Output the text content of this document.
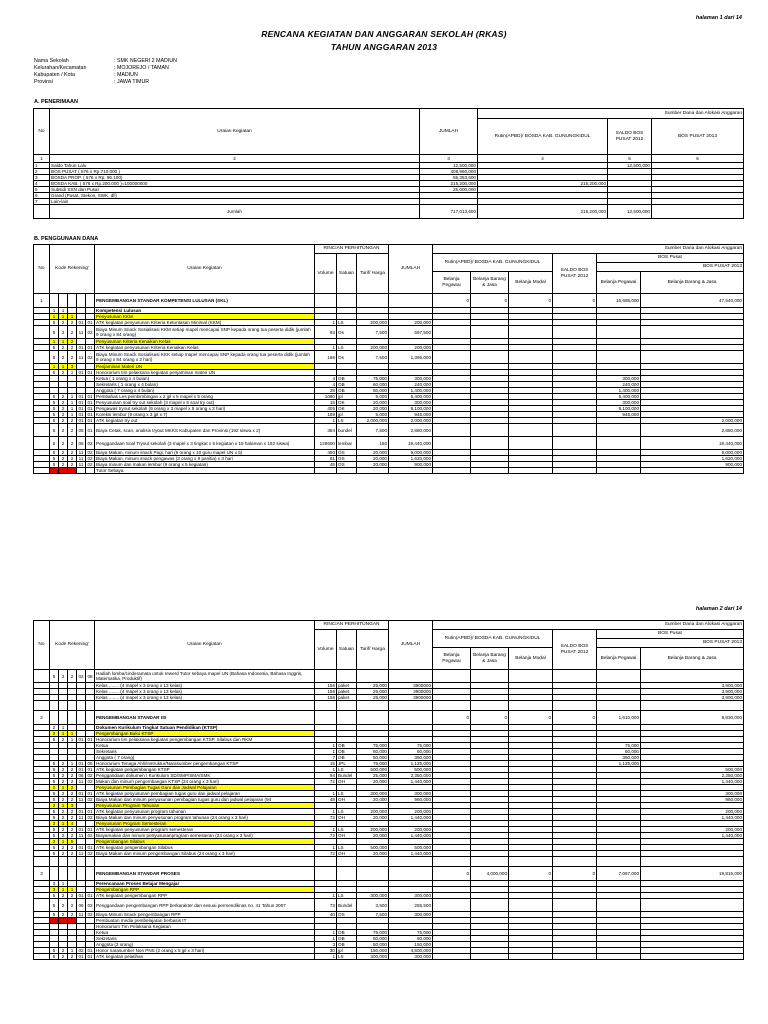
halaman 1 dari 14
RENCANA KEGIATAN DAN ANGGARAN SEKOLAH (RKAS)
TAHUN ANGGARAN 2013
Nama Sekolah	: SMK NEGERI 2 MADIUN
Kelurahan/Kecamatan	: MOJOREJO / TAMAN
Kabupaten / Kota	: MADIUN
Provinsi	: JAWA TIMUR
A. PENERIMAAN
No	Uraian Kegiatan	JUMLAH	Sumber Dana dan Alokasi Anggaran		
			Rutin(APBD)/ BOSDA KAB. GUNUNGKIDUL	SALDO BOS PUSAT 2012	BOS PUSAT 2013
1	2	3	4	5	6
1	Saldo Tahun Lalu	12,500,000		12,500,000	
2	BOS PUSAT ( 576 x Rp.710.000 )	408,960,000			
3	BOSDA PROP. ( 576 x Rp. 96.100)	55,353,600			
4	BOSDA KAB. ( 576 x Rp.200.000 )=100000000	215,200,000	215,200,000		
5	Subsidi SSN dari Pusat	25,000,000			
6	Grand (Pusat, Stekon, SWK, dll)				
7	Lain-lain				
	Jumlah	717,013,600	215,200,000	12,500,000	
B. PENGGUNAAN DANA
No	Kode Rekening'					Uraian Kegiatan	RINCIAN PERHITUNGAN			JUMLAH	Sumber Dana dan Alokasi Anggaran					
							Volume	Satuan	Tarif/ Harga		Rutin(APBD)/ BOSDA KAB. GUNUNGKIDUL			SALDO BOS PUSAT 2012	BOS Pusat	
															BOS PUSAT 2013	
											Belanja Pegawai	Belanja Barang & Jasa	Belanja Modal		Belanja Pegawai	Belanja Barang & Jasa
1						PENGEMBANGAN STANDAR KOMPETENSI LULUSAN (SKL)					0	0	0	0	16,685,000	47,540,000
	1	1				Kompetensi Lulusan										
	1	1	1			Penyusunan KKM										
	5	2	2	01	01	ATK kegiatan penyusunan Kriteria Ketuntasan Minimal (KKM)	1	LS	200,000	200,000						
	5	2	2	11	02	Biaya Minum Snack Sosialisasi KKM setiap mapel mencapai SNP kepada orang tua peserta didik (jumlah 9 orang x 84 orang)	93	Os	7,500	697,500						
	1	1	2			Penyusunan Kriteria Kenaikan Kelas										
	5	2	2	01	01	ATK kegiatan penyusunan Kriteria Kenaikan Kelas	1	LS	200,000	200,000						
	5	2	2	11	02	Biaya Minum Snack Sosialisasi KKK setiap mapel mencapai SNP kepada orang tua peserta didik (jumlah 9 orang x 84 orang x 2 hari)	186	Os	7,500	1,395,000						
	1	1	3			Penjaminan Materi UN										
	5	2	1	01	01	Honorarium tim pelaksana kegiatan penjaminan materi UN										
						Ketua ( 1 orang x 4 bulan)	4	OB	75,000	300,000					300,000	
						Sekretaris ( 1 orang x 4 bulan)	4	OB	60,000	240,000					240,000	
						Anggota ( 7 orang x 4 bulan)	28	OB	50,000	1,400,000					1,400,000	
	5	2	1	01	01	Pembahas Les pembimbingan x 2 jpl x 5 mapel x 5 orang	1080	jpl	5,000	5,400,000					5,400,000	
	5	2	1	01	01	Penyusunan soal try out sekolah (3 mapel x 5 soal try out)	15	OK	20,000	300,000					300,000	
	5	2	1	01	01	Pengawas tryout sekolah (9 orang x 3 mapel x 5 orang x 3 hari)	405	OK	20,000	8,100,000					8,100,000	
	5	2	1	01	01	Koreksi lembur (9 orang x 3 jpl x 7)	189	jpl	5,000	945,000					945,000	
	5	2	2	01	01	ATK kegiatan try out	1	LS	2,000,000	2,000,000						2,000,000
	5	2	2	06	01	Biaya Cetak, scan, analisis tryout MKKS Kabupaten dan Provinsi (192 siswa x 2)	384	bundel	7,500	2,880,000						2,880,000
	5	2	2	06	02	Penggandaan Soal Tryout sekolah (3 mapel x 3 tingkat x 5 kegiatan x 15 halaman x 192 siswa)	129600	lembar	150	19,440,000						19,440,000
	5	2	2	11	02	Biaya Makan, minum snack Pagi, hari (9 orang x 10 guru mapel UN x 5)	450	OS	20,000	9,000,000						9,000,000
	5	2	2	11	02	Biaya Makan, minum snack pengawas (3 orang x 9 panitia) x 3 hari	81	OS	20,000	1,620,000						1,620,000
	5	2	2	11	02	Biaya minum dan makan lembur (9 orang x 5 kegiatan)	45	OS	20,000	900,000						900,000
						Tutor Sebaya										
halaman 2 dari 14
No	Kode Rekening'					Uraian Kegiatan	RINCIAN PERHITUNGAN			JUMLAH	Sumber Dana dan Alokasi Anggaran					
							Volume	Satuan	Tarif/ Harga		Rutin(APBD)/ BOSDA KAB. GUNUNGKIDUL			SALDO BOS PUSAT 2012	BOS Pusat	
															BOS PUSAT 2013	
											Belanja Pegawai	Belanja Barang & Jasa	Belanja Modal		Belanja Pegawai	Belanja Barang & Jasa
	5	2	2	02	08	Hadiah lomba/cinderamata untuk rewerd Tutor sebaya mapel UN (Bahasa Indonesia, Bahasa Inggris, Matematika, Produktif)										
						Kelas ........ (4 mapel x 3 orang x 13 kelas)	156	paket	25,000	3900000						3,900,000
						Kelas ........ (4 mapel x 3 orang x 13 kelas)	156	paket	25,000	3900000						3,900,000
						Kelas ........ (4 mapel x 3 orang x 13 kelas)	156	paket	25,000	3900000						3,900,000

2						PENGEMBANGAN STANDAR ISI					0	0	0	0	1,610,000	8,830,000
	2	1				Dokumen Kurikulum Tingkat Satuan Pendidikan (KTSP)										
	2	1	1			Pengembangan Buku KTSP										
	5	2	1	01	01	Honorarium tim pelaksana kegiatan pengembangan KTSP, Silabus dan RKM										
						Ketua	1	OB	75,000	75,000					75,000	
						Sekretaris	1	OB	60,000	60,000					60,000	
						Anggota ( 7 orang)	7	OB	50,000	350,000					350,000	
	5	2	1	01	05	Honorarium Tenaga Ahli/Instruktur/Narasumber pengembangan KTSP	15	JPL	75,000	1,125,000					1,125,000	
	5	2	2	01	01	ATK kegiatan pengembangan KTSP	1	LS	500,000	500,000						500,000
	5	2	2	06	02	Penggandaan dokumen I Kurikulum SD/SMP/SMA/SMK	94	Bundel	25,000	2,350,000						2,350,000
	5	2	2	11	02	Makan dan minum pengembangan KTSP (24 orang x 3 hari)	72	OH	20,000	1,440,000						1,440,000
	2	1	2			Penyusunan Pembagian Tugas Guru dan Jadwal Pelajaran										
	5	2	2	01	01	ATK kegiatan penyusunan pembagian tugas guru dan jadwal pelajaran	1	LS	300,000	300,000						300,000
	5	2	2	11	02	Biaya Makan dan minum penyusunan pembagian tugas guru dan jadwal pelajaran (94	48	OH	20,000	960,000						960,000
	2	1	3			Penyusunan Program Tahunan										
	5	2	2	01	01	ATK kegiatan penyusunan program tahunan	1	LS	200,000	200,000						200,000
	5	2	2	11	02	Biaya Makan dan minum penyusunan program tahunan (24 orang x 3 hari)	72	OH	20,000	1,440,000						1,440,000
	2	1	4			Penyusunan Program Semesteran										
	5	2	2	01	01	ATK kegiatan penyusunan program semesteran	1	LS	200,000	200,000						200,000
	5	2	2	11	02	Biayamakan dan minum penyusunanprogram semesteran (24 orang x 3 hari)	72	OH	20,000	1,440,000						1,440,000
	2	1	5			Pengembangan Silabus										
	5	2	2	01	01	ATK kegiatan pengembangan Silabus	1	LS	500,000	500,000						
	5	2	2	11	02	Biaya Makan dan minum pengembangan Silabus (24 orang x 3 hari)	72	OH	20,000	1,440,000						

3						PENGEMBANGAN STANDAR PROSES					0	4,000,000	0	0	7,067,000	19,815,000
	3	1				Perencanaan Proses Belajar Mengajar										
	3	1	1			Pengembangan RPP										
	5	2	2	01	01	ATK kegiatan pengembangan RPP	1	LS	300,000	300,000						
	5	2	2	06	02	Penggandaan pengembangan RPP berkarakter dan sesuai permendiknas no. 41 Tahun 2007	73	Bundel	3,500	255,500						
	5	2	2	11	02	Biaya Minum Snack pengembangan RPP	40	OS	7,500	300,000						
						Pembuatan media pembelajaran berbasis IT										
						Honorarium Tim Pelaksana Kegiatan										
						Ketua	1	OB	75,000	75,000						
						Sekretaris	1	OB	60,000	60,000						
						Anggota (3 orang)	3	OB	50,000	150,000						
	5	2	1	02	01	Honor narasumber Non PNS (2 orang x 5 jpl x 3 hari)	30	jpl	150,000	4,500,000						
	5	2	2	01	01	ATK kegiatan pelatihan	1	LS	300,000	300,000						
